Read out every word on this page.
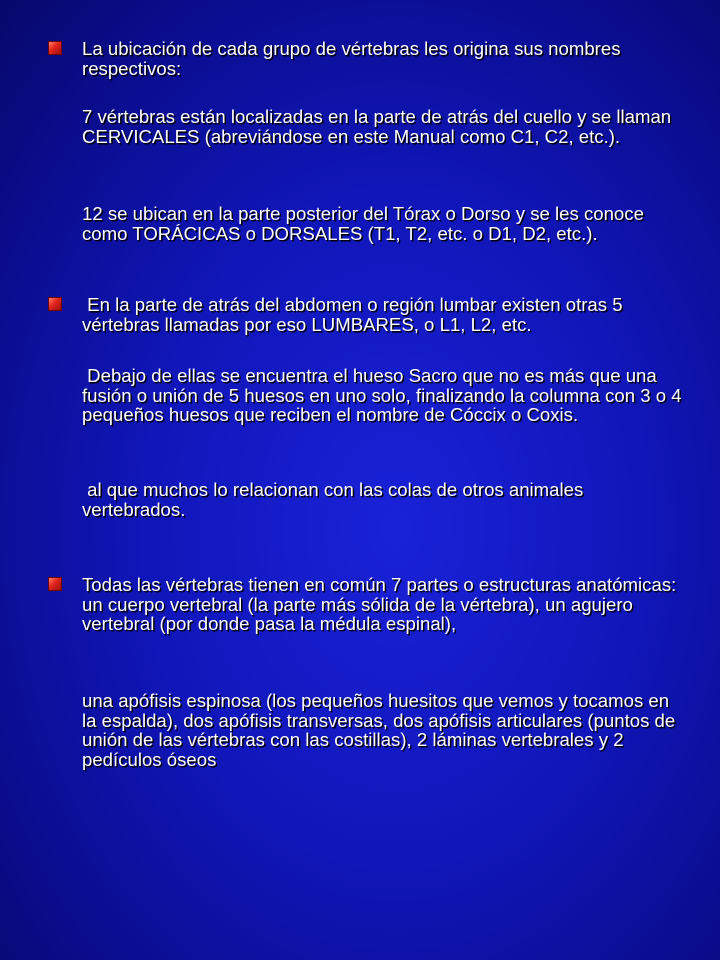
La ubicación de cada grupo de vértebras les origina sus nombres respectivos:

7 vértebras están localizadas en la parte de atrás del cuello y se llaman CERVICALES (abreviándose en este Manual como C1, C2, etc.).

12 se ubican en la parte posterior del Tórax o Dorso y se les conoce como TORÁCICAS o DORSALES (T1, T2, etc. o D1, D2, etc.).

En la parte de atrás del abdomen o región lumbar existen otras 5 vértebras llamadas por eso LUMBARES, o L1, L2, etc.

Debajo de ellas se encuentra el hueso Sacro que no es más que una fusión o unión de 5 huesos en uno solo, finalizando la columna con 3 o 4 pequeños huesos que reciben el nombre de Cóccix o Coxis.

al que muchos lo relacionan con las colas de otros animales vertebrados.

Todas las vértebras tienen en común 7 partes o estructuras anatómicas: un cuerpo vertebral (la parte más sólida de la vértebra), un agujero vertebral (por donde pasa la médula espinal),

una apófisis espinosa (los pequeños huesitos que vemos y tocamos en la espalda), dos apófisis transversas, dos apófisis articulares (puntos de unión de las vértebras con las costillas), 2 láminas vertebrales y 2 pedículos óseos
